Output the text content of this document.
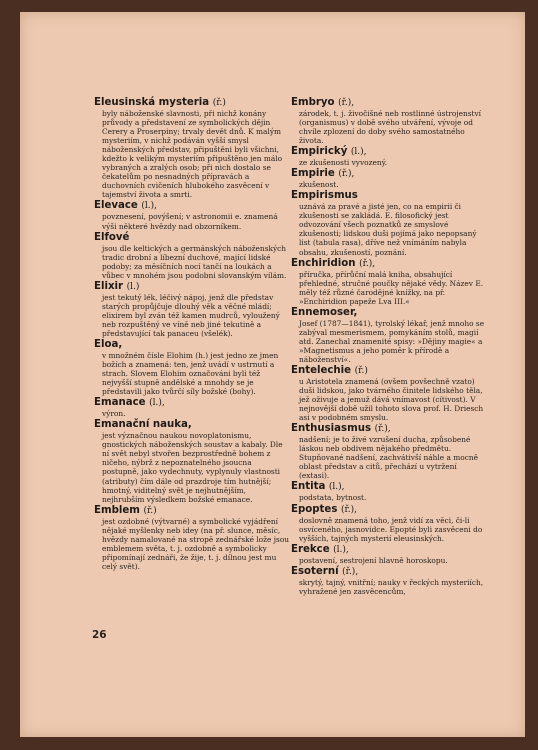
Eleusinská mysteria (ř.)
byly náboženské slavnosti, při nichž konány průvody a představení ze symbolických dějin Cerery a Proserpiny; trvaly devět dnů. K malým mysteriím, v nichž podáván vyšší smysl náboženských představ, připuštěni byli všichni, kdežto k velikým mysteriím připuštěno jen málo vybraných a zralých osob; při nich dostalo se čekatelům po nesnadných přípravách a duchovních cvičeních hlubokého zasvěcení v tajemství života a smrti.
Elevace (l.),
povznesení, povýšení; v astronomii e. znamená výši některé hvězdy nad obzorníkem.
Elfové
jsou dle keltických a germánských náboženských tradic drobní a líbezní duchové, mající lidské podoby; za měsíčních nocí tančí na loukách a vůbec v mnohém jsou podobni slovanským vílám.
Elixir (l.)
jest tekutý lék, léčivý nápoj, jenž dle představ starých propůjčuje dlouhý věk a věčné mládí; elixirem byl zván též kamen mudrců, vyloužený neb rozpuštěný ve víně neb jiné tekutině a představující tak panaceu (všelék).
Eloa,
v množném čísle Elohim (h.) jest jedno ze jmen božích a znamená: ten, jenž uvádí v ustrnutí a strach. Slovem Elohim označováni byli též nejvyšší stupně andělské a mnohdy se je představili jako tvůrčí síly božské (bohy).
Emanace (l.),
výron.
Emanační nauka,
jest význačnou naukou novoplatonismu, gnostických náboženských soustav a kabaly. Dle ní svět nebyl stvořen bezprostředně bohem z ničeho, nýbrž z nepoznatelného jsoucna postupně, jako vydechnuty, vyplynuly vlastnosti (atributy) čím dále od prazdroje tím hutnější; hmotný, viditelný svět je nejhutnějším, nejhrubším výsledkem božské emanace.
Emblem (ř.)
jest ozdobné (výtvarné) a symbolické vyjádření nějaké myšlenky neb idey (na př. slunce, měsíc, hvězdy namalované na stropě zednářské lože jsou emblemem světa, t. j. ozdobně a symbolicky připomínají zednáři, že žije, t. j. dílnou jest mu celý svět).
Embryo (ř.),
zárodek, t. j. živočišné neb rostlinné ústrojenství (organismus) v době svého utváření, vývoje od chvíle zplození do doby svého samostatného života.
Empirický (l.),
ze zkušenosti vyvozený.
Empirie (ř.),
zkušenost.
Empirismus
uznává za pravé a jisté jen, co na empirii či zkušenosti se zakládá. E. filosofický jest odvozování všech poznatků ze smyslové zkušenosti; lidskou duši pojímá jako nepopsaný list (tabula rasa), dříve než vnímáním nabyla obsahu, zkušeností, poznání.
Enchiridion (ř.),
příručka, přírůční malá kniha, obsahující přehledné, stručné poučky nějaké vědy. Název E. měly též různé čarodějné knížky, na př. »Enchiridion papeže Lva III.«
Ennemoser,
Josef (1787—1841), tyrolský lékař, jenž mnoho se zabýval mesmerismem, pomykáním stolů, magií atd. Zanechal znamenité spisy: »Dějiny magie« a »Magnetismus a jeho poměr k přírodě a náboženství«.
Entelechie (ř.)
u Aristotela znamená (ovšem povšechně vzato) duši lidskou, jako tvárného činitele lidského těla, jež oživuje a jemuž dává vnímavost (cítivost). V nejnovější době užil tohoto slova prof. H. Driesch asi v podobném smyslu.
Enthusiasmus (ř.),
nadšení; je to živé vzrušení ducha, způsobené láskou neb obdivem nějakého předmětu. Stupňované nadšení, zachvátivší náhle a mocně oblast představ a citů, přechází u vytržení (extasi).
Entita (l.),
podstata, bytnost.
Epoptes (ř.),
doslovně znamená toho, jenž vidí za věci, či-li osvíceného, jasnovidce. Epopté byli zasvěceni do vyšších, tajných mysterií eleusinských.
Erekce (l.),
postavení, sestrojení hlavně horoskopu.
Esoterní (ř.),
skrytý, tajný, vnitřní; nauky v řeckých mysteriích, vyhražené jen zasvěcencům,
26
